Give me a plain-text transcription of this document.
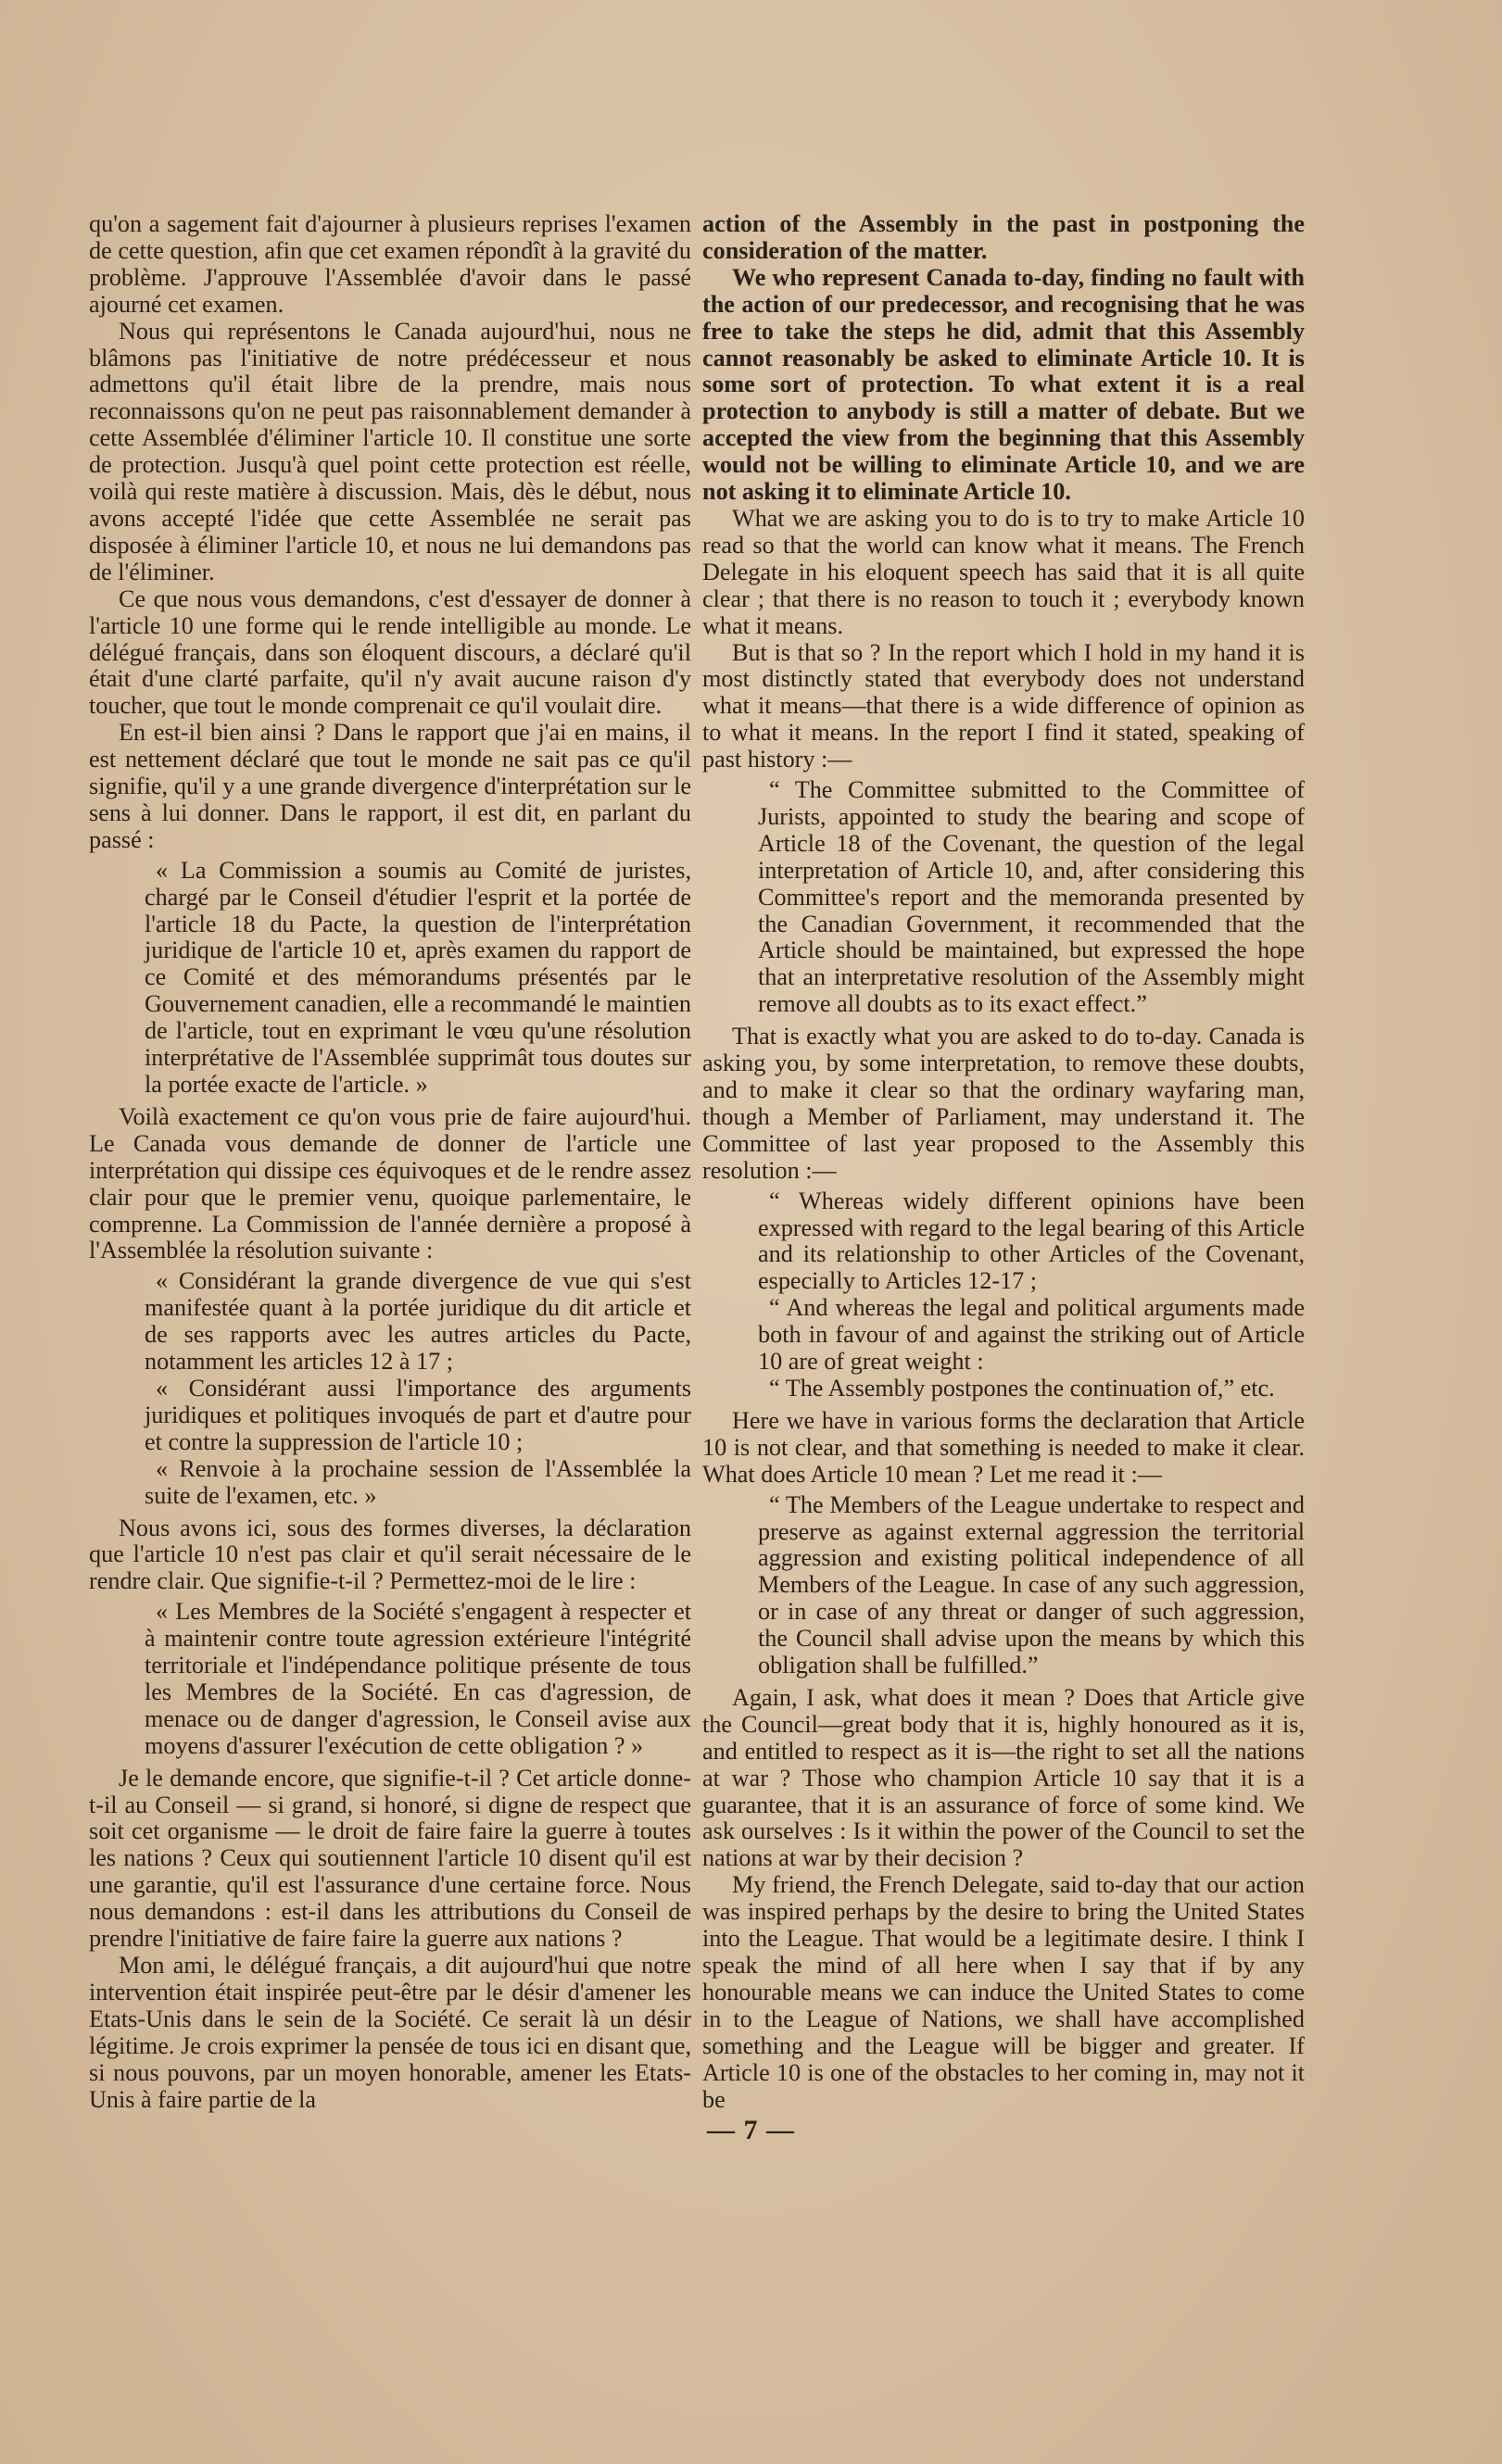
qu'on a sagement fait d'ajourner à plusieurs reprises l'examen de cette question, afin que cet examen répondît à la gravité du problème. J'approuve l'Assemblée d'avoir dans le passé ajourné cet examen.

Nous qui représentons le Canada aujourd'hui, nous ne blâmons pas l'initiative de notre prédécesseur et nous admettons qu'il était libre de la prendre, mais nous reconnaissons qu'on ne peut pas raisonnablement demander à cette Assemblée d'éliminer l'article 10. Il constitue une sorte de protection. Jusqu'à quel point cette protection est réelle, voilà qui reste matière à discussion. Mais, dès le début, nous avons accepté l'idée que cette Assemblée ne serait pas disposée à éliminer l'article 10, et nous ne lui demandons pas de l'éliminer.

Ce que nous vous demandons, c'est d'essayer de donner à l'article 10 une forme qui le rende intelligible au monde. Le délégué français, dans son éloquent discours, a déclaré qu'il était d'une clarté parfaite, qu'il n'y avait aucune raison d'y toucher, que tout le monde comprenait ce qu'il voulait dire.

En est-il bien ainsi ? Dans le rapport que j'ai en mains, il est nettement déclaré que tout le monde ne sait pas ce qu'il signifie, qu'il y a une grande divergence d'interprétation sur le sens à lui donner. Dans le rapport, il est dit, en parlant du passé :

« La Commission a soumis au Comité de juristes, chargé par le Conseil d'étudier l'esprit et la portée de l'article 18 du Pacte, la question de l'interprétation juridique de l'article 10 et, après examen du rapport de ce Comité et des mémorandums présentés par le Gouvernement canadien, elle a recommandé le maintien de l'article, tout en exprimant le vœu qu'une résolution interprétative de l'Assemblée supprimât tous doutes sur la portée exacte de l'article. »

Voilà exactement ce qu'on vous prie de faire aujourd'hui. Le Canada vous demande de donner de l'article une interprétation qui dissipe ces équivoques et de le rendre assez clair pour que le premier venu, quoique parlementaire, le comprenne. La Commission de l'année dernière a proposé à l'Assemblée la résolution suivante :

« Considérant la grande divergence de vue qui s'est manifestée quant à la portée juridique du dit article et de ses rapports avec les autres articles du Pacte, notamment les articles 12 à 17 ;

« Considérant aussi l'importance des arguments juridiques et politiques invoqués de part et d'autre pour et contre la suppression de l'article 10 ;

« Renvoie à la prochaine session de l'Assemblée la suite de l'examen, etc. »

Nous avons ici, sous des formes diverses, la déclaration que l'article 10 n'est pas clair et qu'il serait nécessaire de le rendre clair. Que signifie-t-il ? Permettez-moi de le lire :

« Les Membres de la Société s'engagent à respecter et à maintenir contre toute agression extérieure l'intégrité territoriale et l'indépendance politique présente de tous les Membres de la Société. En cas d'agression, de menace ou de danger d'agression, le Conseil avise aux moyens d'assurer l'exécution de cette obligation ? »

Je le demande encore, que signifie-t-il ? Cet article donne-t-il au Conseil — si grand, si honoré, si digne de respect que soit cet organisme — le droit de faire faire la guerre à toutes les nations ? Ceux qui soutiennent l'article 10 disent qu'il est une garantie, qu'il est l'assurance d'une certaine force. Nous nous demandons : est-il dans les attributions du Conseil de prendre l'initiative de faire faire la guerre aux nations ?

Mon ami, le délégué français, a dit aujourd'hui que notre intervention était inspirée peut-être par le désir d'amener les Etats-Unis dans le sein de la Société. Ce serait là un désir légitime. Je crois exprimer la pensée de tous ici en disant que, si nous pouvons, par un moyen honorable, amener les Etats-Unis à faire partie de la

action of the Assembly in the past in postponing the consideration of the matter.

We who represent Canada to-day, finding no fault with the action of our predecessor, and recognising that he was free to take the steps he did, admit that this Assembly cannot reasonably be asked to eliminate Article 10. It is some sort of protection. To what extent it is a real protection to anybody is still a matter of debate. But we accepted the view from the beginning that this Assembly would not be willing to eliminate Article 10, and we are not asking it to eliminate Article 10.

What we are asking you to do is to try to make Article 10 read so that the world can know what it means. The French Delegate in his eloquent speech has said that it is all quite clear ; that there is no reason to touch it ; everybody known what it means.

But is that so ? In the report which I hold in my hand it is most distinctly stated that everybody does not understand what it means—that there is a wide difference of opinion as to what it means. In the report I find it stated, speaking of past history :—

“ The Committee submitted to the Committee of Jurists, appointed to study the bearing and scope of Article 18 of the Covenant, the question of the legal interpretation of Article 10, and, after considering this Committee's report and the memoranda presented by the Canadian Government, it recommended that the Article should be maintained, but expressed the hope that an interpretative resolution of the Assembly might remove all doubts as to its exact effect.”

That is exactly what you are asked to do to-day. Canada is asking you, by some interpretation, to remove these doubts, and to make it clear so that the ordinary wayfaring man, though a Member of Parliament, may understand it. The Committee of last year proposed to the Assembly this resolution :—

“ Whereas widely different opinions have been expressed with regard to the legal bearing of this Article and its relationship to other Articles of the Covenant, especially to Articles 12-17 ;

“ And whereas the legal and political arguments made both in favour of and against the striking out of Article 10 are of great weight :

“ The Assembly postpones the continuation of,” etc.

Here we have in various forms the declaration that Article 10 is not clear, and that something is needed to make it clear. What does Article 10 mean ? Let me read it :—

“ The Members of the League undertake to respect and preserve as against external aggression the territorial aggression and existing political independence of all Members of the League. In case of any such aggression, or in case of any threat or danger of such aggression, the Council shall advise upon the means by which this obligation shall be fulfilled.”

Again, I ask, what does it mean ? Does that Article give the Council—great body that it is, highly honoured as it is, and entitled to respect as it is—the right to set all the nations at war ? Those who champion Article 10 say that it is a guarantee, that it is an assurance of force of some kind. We ask ourselves : Is it within the power of the Council to set the nations at war by their decision ?

My friend, the French Delegate, said to-day that our action was inspired perhaps by the desire to bring the United States into the League. That would be a legitimate desire. I think I speak the mind of all here when I say that if by any honourable means we can induce the United States to come in to the League of Nations, we shall have accomplished something and the League will be bigger and greater. If Article 10 is one of the obstacles to her coming in, may not it be

— 7 —
